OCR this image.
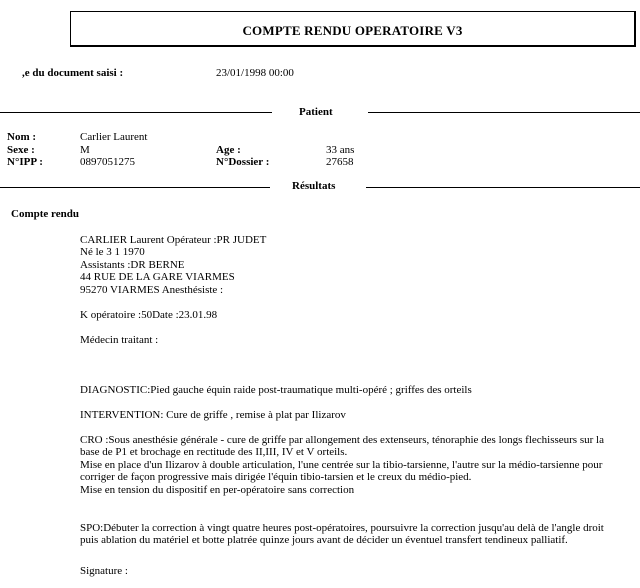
COMPTE RENDU OPERATOIRE V3
,e du document saisi :	23/01/1998 00:00
Patient
Nom :	Carlier Laurent
Sexe :	M	Age :	33 ans
N°IPP :	0897051275	N°Dossier :	27658
Résultats
Compte rendu
CARLIER Laurent Opérateur :PR JUDET
Né le 3 1 1970
Assistants :DR BERNE
44 RUE DE LA GARE VIARMES
95270 VIARMES Anesthésiste :
K opératoire :50Date :23.01.98
Médecin traitant :
DIAGNOSTIC:Pied gauche équin raide post-traumatique multi-opéré ; griffes des orteils
INTERVENTION: Cure de griffe , remise à plat par Ilizarov
CRO :Sous anesthésie générale - cure de griffe par allongement des extenseurs, ténoraphie des longs flechisseurs sur la
base de P1 et brochage en rectitude des II,III, IV et V orteils.
Mise en place d'un Ilizarov à double articulation, l'une centrée sur la tibio-tarsienne, l'autre sur la médio-tarsienne pour
corriger de façon progressive mais dirigée l'équin tibio-tarsien et le creux du médio-pied.
Mise en tension du dispositif en per-opératoire sans correction
SPO:Débuter la correction à vingt quatre heures post-opératoires, poursuivre la correction jusqu'au delà de l'angle droit
puis ablation du matériel et botte platrée quinze jours avant de décider un éventuel transfert tendineux palliatif.
Signature :
